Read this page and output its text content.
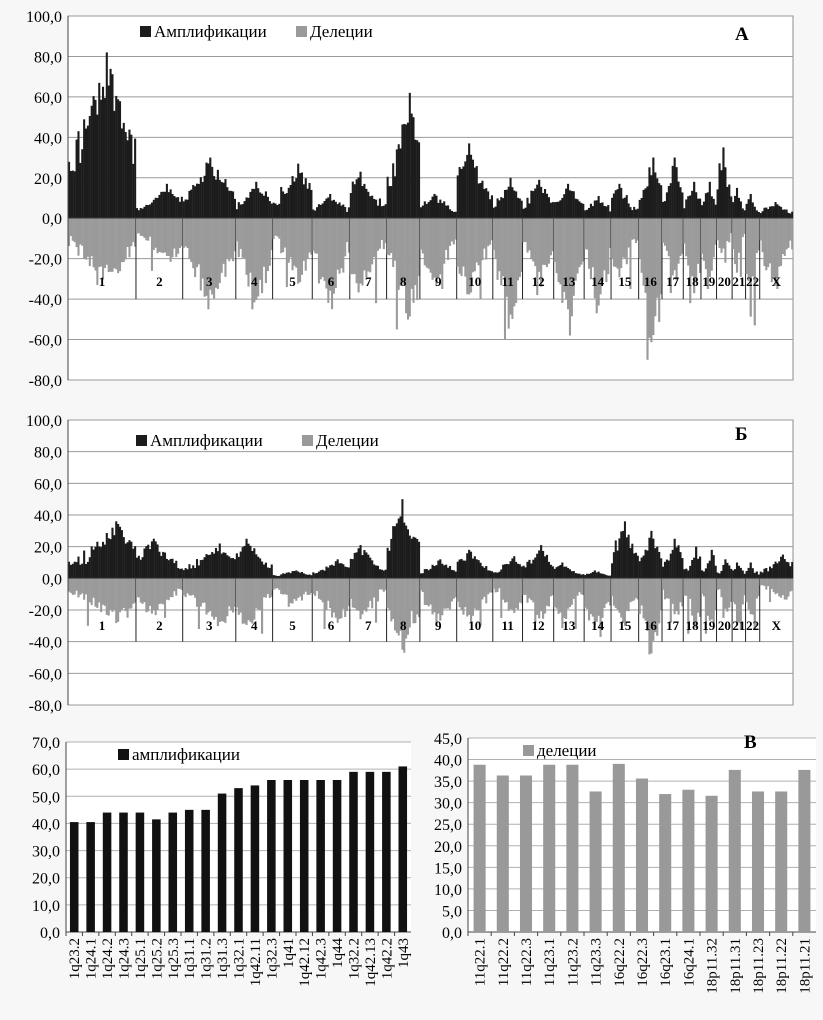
-80,0
-60,0
-40,0
-20,0
0,0
20,0
40,0
60,0
80,0
100,0
1	2	3	4 5 6 7 8 9 10 11 12 13 14 15 16 17 18 19 20 21 22 X
Амплификации	Делеции	А
-80,0
-60,0
-40,0
-20,0
0,0
20,0
40,0
60,0
80,0
100,0
1	2	3	4 5 6 7 8 9 10 11 12 13 14 15 16 17 18 19 20 21 22 X
Амплификации	Делеции	Б
0,0
10,0
20,0
30,0
40,0
50,0
60,0
70,0
1q23.2 1q24.1 1q24.2 1q24.3 1q25.1 1q25.2 1q25.3 1q31.1 1q31.2 1q31.3 1q32.1 1q42.11 1q32.3 1q41 1q42.12 1q42.3 1q44 1q32.2 1q42.13 1q42.2 1q43
амплификации
0,0
5,0
10,0
15,0
20,0
25,0
30,0
35,0
40,0
45,0
11q22.1 11q22.2 11q22.3 11q23.1 11q23.2 11q23.3 16q22.2 16q22.3 16q23.1 16q24.1 18p11.32 18p11.31 18p11.23 18p11.22 18p11.21
делеции	В
